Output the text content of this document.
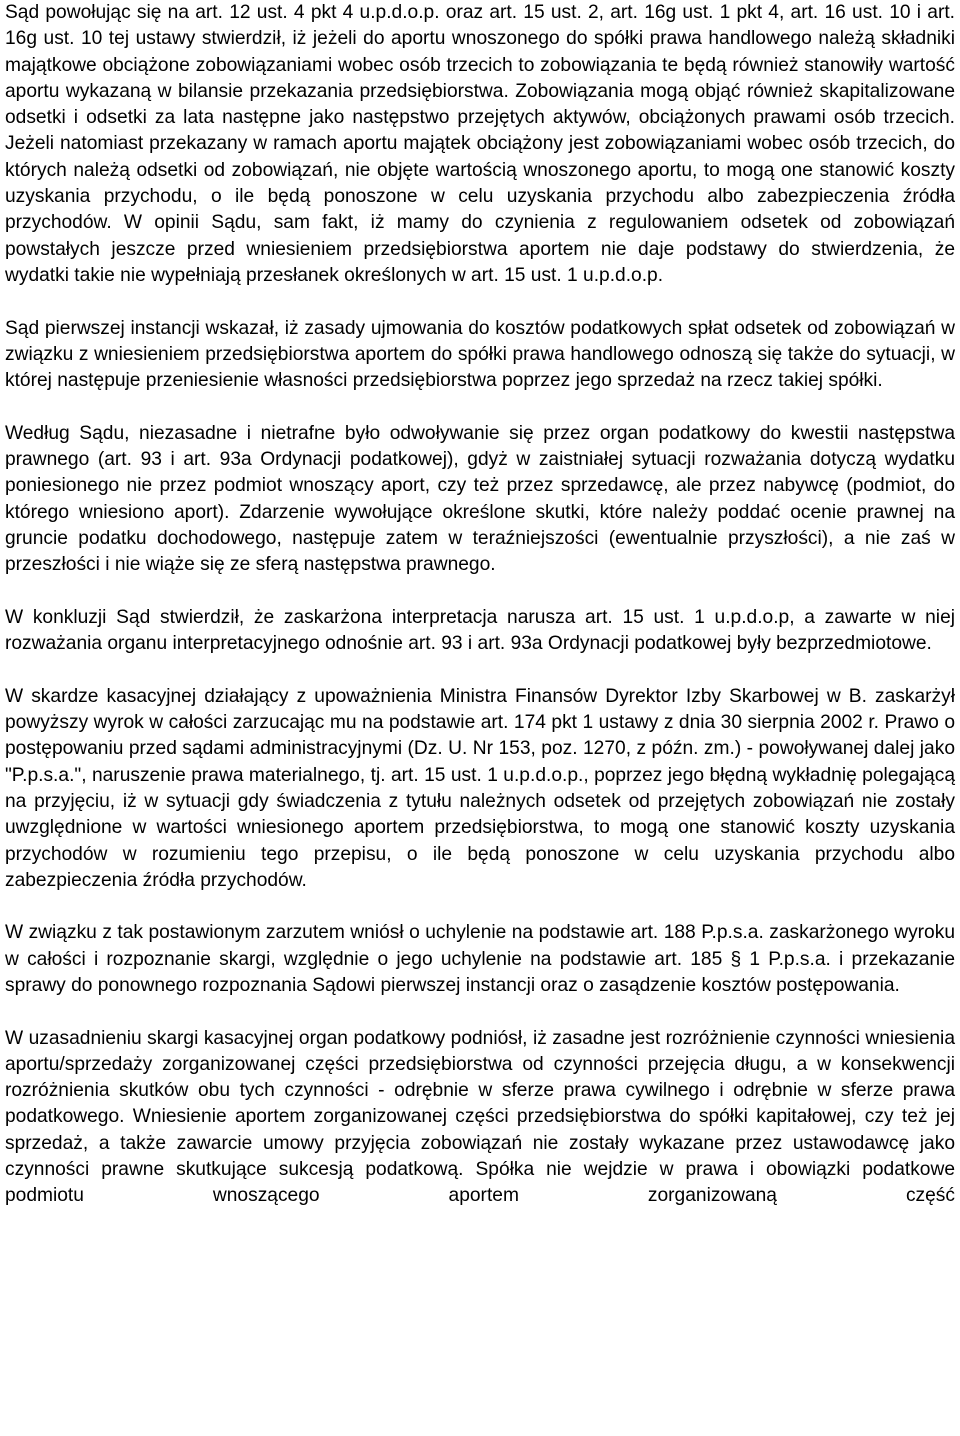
Sąd powołując się na art. 12 ust. 4 pkt 4 u.p.d.o.p. oraz art. 15 ust. 2, art. 16g ust. 1 pkt 4, art. 16 ust. 10 i art. 16g ust. 10 tej ustawy stwierdził, iż jeżeli do aportu wnoszonego do spółki prawa handlowego należą składniki majątkowe obciążone zobowiązaniami wobec osób trzecich to zobowiązania te będą również stanowiły wartość aportu wykazaną w bilansie przekazania przedsiębiorstwa. Zobowiązania mogą objąć również skapitalizowane odsetki i odsetki za lata następne jako następstwo przejętych aktywów, obciążonych prawami osób trzecich. Jeżeli natomiast przekazany w ramach aportu majątek obciążony jest zobowiązaniami wobec osób trzecich, do których należą odsetki od zobowiązań, nie objęte wartością wnoszonego aportu, to mogą one stanowić koszty uzyskania przychodu, o ile będą ponoszone w celu uzyskania przychodu albo zabezpieczenia źródła przychodów. W opinii Sądu, sam fakt, iż mamy do czynienia z regulowaniem odsetek od zobowiązań powstałych jeszcze przed wniesieniem przedsiębiorstwa aportem nie daje podstawy do stwierdzenia, że wydatki takie nie wypełniają przesłanek określonych w art. 15 ust. 1 u.p.d.o.p.

Sąd pierwszej instancji wskazał, iż zasady ujmowania do kosztów podatkowych spłat odsetek od zobowiązań w związku z wniesieniem przedsiębiorstwa aportem do spółki prawa handlowego odnoszą się także do sytuacji, w której następuje przeniesienie własności przedsiębiorstwa poprzez jego sprzedaż na rzecz takiej spółki.

Według Sądu, niezasadne i nietrafne było odwoływanie się przez organ podatkowy do kwestii następstwa prawnego (art. 93 i art. 93a Ordynacji podatkowej), gdyż w zaistniałej sytuacji rozważania dotyczą wydatku poniesionego nie przez podmiot wnoszący aport, czy też przez sprzedawcę, ale przez nabywcę (podmiot, do którego wniesiono aport). Zdarzenie wywołujące określone skutki, które należy poddać ocenie prawnej na gruncie podatku dochodowego, następuje zatem w teraźniejszości (ewentualnie przyszłości), a nie zaś w przeszłości i nie wiąże się ze sferą następstwa prawnego.

W konkluzji Sąd stwierdził, że zaskarżona interpretacja narusza art. 15 ust. 1 u.p.d.o.p, a zawarte w niej rozważania organu interpretacyjnego odnośnie art. 93 i art. 93a Ordynacji podatkowej były bezprzedmiotowe.

W skardze kasacyjnej działający z upoważnienia Ministra Finansów Dyrektor Izby Skarbowej w B. zaskarżył powyższy wyrok w całości zarzucając mu na podstawie art. 174 pkt 1 ustawy z dnia 30 sierpnia 2002 r. Prawo o postępowaniu przed sądami administracyjnymi (Dz. U. Nr 153, poz. 1270, z późn. zm.) - powoływanej dalej jako "P.p.s.a.", naruszenie prawa materialnego, tj. art. 15 ust. 1 u.p.d.o.p., poprzez jego błędną wykładnię polegającą na przyjęciu, iż w sytuacji gdy świadczenia z tytułu należnych odsetek od przejętych zobowiązań nie zostały uwzględnione w wartości wniesionego aportem przedsiębiorstwa, to mogą one stanowić koszty uzyskania przychodów w rozumieniu tego przepisu, o ile będą ponoszone w celu uzyskania przychodu albo zabezpieczenia źródła przychodów.

W związku z tak postawionym zarzutem wniósł o uchylenie na podstawie art. 188 P.p.s.a. zaskarżonego wyroku w całości i rozpoznanie skargi, względnie o jego uchylenie na podstawie art. 185 § 1 P.p.s.a. i przekazanie sprawy do ponownego rozpoznania Sądowi pierwszej instancji oraz o zasądzenie kosztów postępowania.

W uzasadnieniu skargi kasacyjnej organ podatkowy podniósł, iż zasadne jest rozróżnienie czynności wniesienia aportu/sprzedaży zorganizowanej części przedsiębiorstwa od czynności przejęcia długu, a w konsekwencji rozróżnienia skutków obu tych czynności - odrębnie w sferze prawa cywilnego i odrębnie w sferze prawa podatkowego. Wniesienie aportem zorganizowanej części przedsiębiorstwa do spółki kapitałowej, czy też jej sprzedaż, a także zawarcie umowy przyjęcia zobowiązań nie zostały wykazane przez ustawodawcę jako czynności prawne skutkujące sukcesją podatkową. Spółka nie wejdzie w prawa i obowiązki podatkowe podmiotu wnoszącego aportem zorganizowaną część
